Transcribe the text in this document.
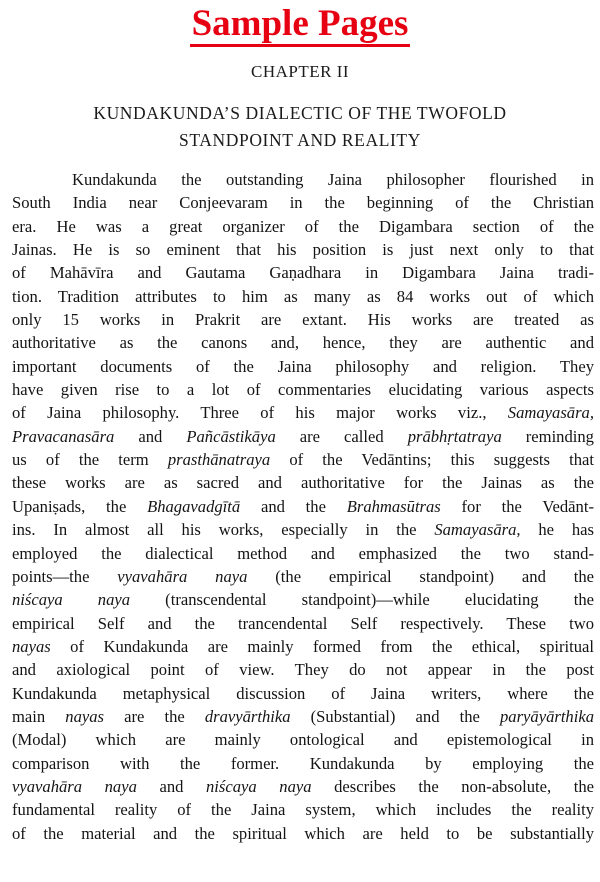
Sample Pages
CHAPTER II
KUNDAKUNDA’S DIALECTIC OF THE TWOFOLD
STANDPOINT AND REALITY
Kundakunda the outstanding Jaina philosopher flourished in
South India near Conjeevaram in the beginning of the Christian
era. He was a great organizer of the Digambara section of the
Jainas. He is so eminent that his position is just next only to that
of Mahāvīra and Gautama Gaṇadhara in Digambara Jaina tradi-
tion. Tradition attributes to him as many as 84 works out of which
only 15 works in Prakrit are extant. His works are treated as
authoritative as the canons and, hence, they are authentic and
important documents of the Jaina philosophy and religion. They
have given rise to a lot of commentaries elucidating various aspects
of Jaina philosophy. Three of his major works viz., Samayasāra,
Pravacanasāra and Pañcāstikāya are called prābhṛtatraya reminding
us of the term prasthānatraya of the Vedāntins; this suggests that
these works are as sacred and authoritative for the Jainas as the
Upaniṣads, the Bhagavadgītā and the Brahmasūtras for the Vedānt-
ins. In almost all his works, especially in the Samayasāra, he has
employed the dialectical method and emphasized the two stand-
points—the vyavahāra naya (the empirical standpoint) and the
niścaya naya (transcendental standpoint)—while elucidating the
empirical Self and the trancendental Self respectively. These two
nayas of Kundakunda are mainly formed from the ethical, spiritual
and axiological point of view. They do not appear in the post
Kundakunda metaphysical discussion of Jaina writers, where the
main nayas are the dravyārthika (Substantial) and the paryāyārthika
(Modal) which are mainly ontological and epistemological in
comparison with the former. Kundakunda by employing the
vyavahāra naya and niścaya naya describes the non-absolute, the
fundamental reality of the Jaina system, which includes the reality
of the material and the spiritual which are held to be substantially
